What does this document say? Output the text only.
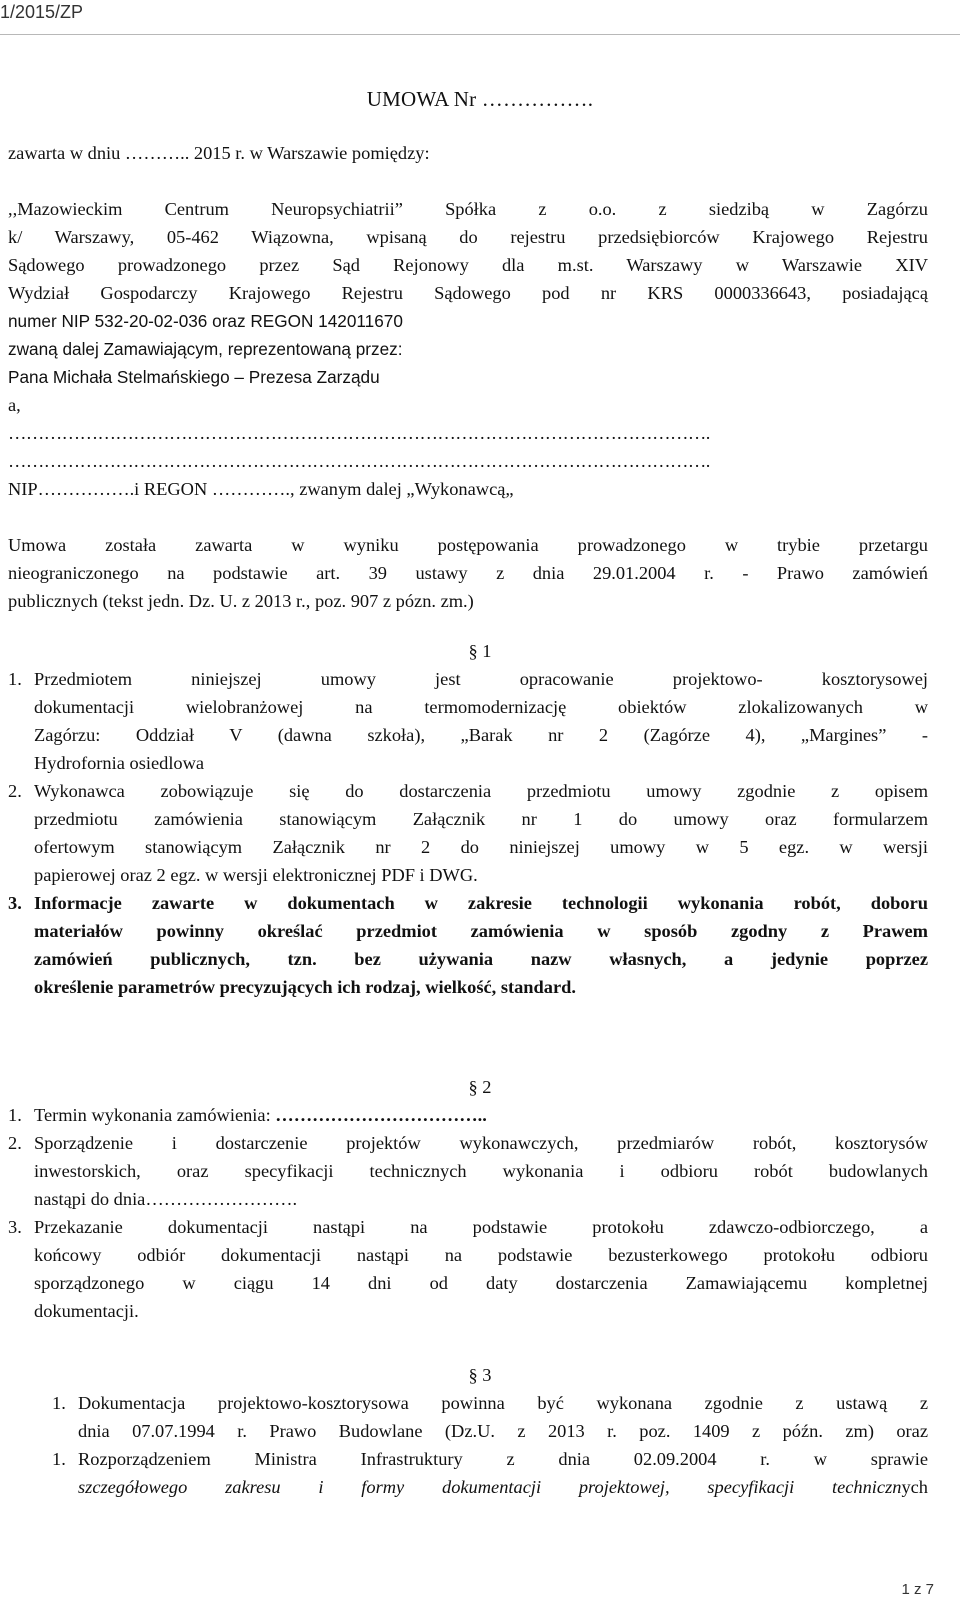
1/2015/ZP
UMOWA Nr …………….

zawarta w dniu ……….. 2015 r. w Warszawie pomiędzy:

,,Mazowieckim Centrum Neuropsychiatrii” Spółka z o.o. z siedzibą w Zagórzu

k/ Warszawy, 05-462 Wiązowna, wpisaną do rejestru przedsiębiorców Krajowego Rejestru

Sądowego prowadzonego przez Sąd Rejonowy dla m.st. Warszawy w Warszawie XIV

Wydział Gospodarczy Krajowego Rejestru Sądowego pod nr KRS 0000336643, posiadającą

numer NIP 532-20-02-036 oraz REGON 142011670

zwaną dalej Zamawiającym, reprezentowaną przez:

Pana Michała Stelmańskiego – Prezesa Zarządu

a,

……………………………………………………………………………………………………….

……………………………………………………………………………………………………….

NIP…………….i REGON …………., zwanym dalej „Wykonawcą„

Umowa została zawarta w wyniku postępowania prowadzonego w trybie przetargu

nieograniczonego na podstawie art. 39 ustawy z dnia 29.01.2004 r. - Prawo zamówień

publicznych (tekst jedn. Dz. U. z 2013 r., poz. 907 z pózn. zm.)

§ 1

1. Przedmiotem niniejszej umowy jest opracowanie projektowo- kosztorysowej

dokumentacji wielobranżowej na termomodernizację obiektów zlokalizowanych w

Zagórzu: Oddział V (dawna szkoła), „Barak nr 2 (Zagórze 4), „Margines” -

Hydrofornia osiedlowa

2. Wykonawca zobowiązuje się do dostarczenia przedmiotu umowy zgodnie z opisem

przedmiotu zamówienia stanowiącym Załącznik nr 1 do umowy oraz formularzem

ofertowym stanowiącym Załącznik nr 2 do niniejszej umowy w 5 egz. w wersji

papierowej oraz 2 egz. w wersji elektronicznej PDF i DWG.

3. Informacje zawarte w dokumentach w zakresie technologii wykonania robót, doboru

materiałów powinny określać przedmiot zamówienia w sposób zgodny z Prawem

zamówień publicznych, tzn. bez używania nazw własnych, a jedynie poprzez

określenie parametrów precyzujących ich rodzaj, wielkość, standard.

§ 2

1. Termin wykonania zamówienia: ……………………………..

2. Sporządzenie i dostarczenie projektów wykonawczych, przedmiarów robót, kosztorysów

inwestorskich, oraz specyfikacji technicznych wykonania i odbioru robót budowlanych

nastąpi do dnia…………………….

3. Przekazanie dokumentacji nastąpi na podstawie protokołu zdawczo-odbiorczego, a

końcowy odbiór dokumentacji nastąpi na podstawie bezusterkowego protokołu odbioru

sporządzonego w ciągu 14 dni od daty dostarczenia Zamawiającemu kompletnej

dokumentacji.

§ 3

1. Dokumentacja projektowo-kosztorysowa powinna być wykonana zgodnie z ustawą z

dnia 07.07.1994 r. Prawo Budowlane (Dz.U. z 2013 r. poz. 1409 z późn. zm) oraz

1. Rozporządzeniem Ministra Infrastruktury z dnia 02.09.2004 r. w sprawie

szczegółowego zakresu i formy dokumentacji projektowej, specyfikacji technicznych

1 z 7
